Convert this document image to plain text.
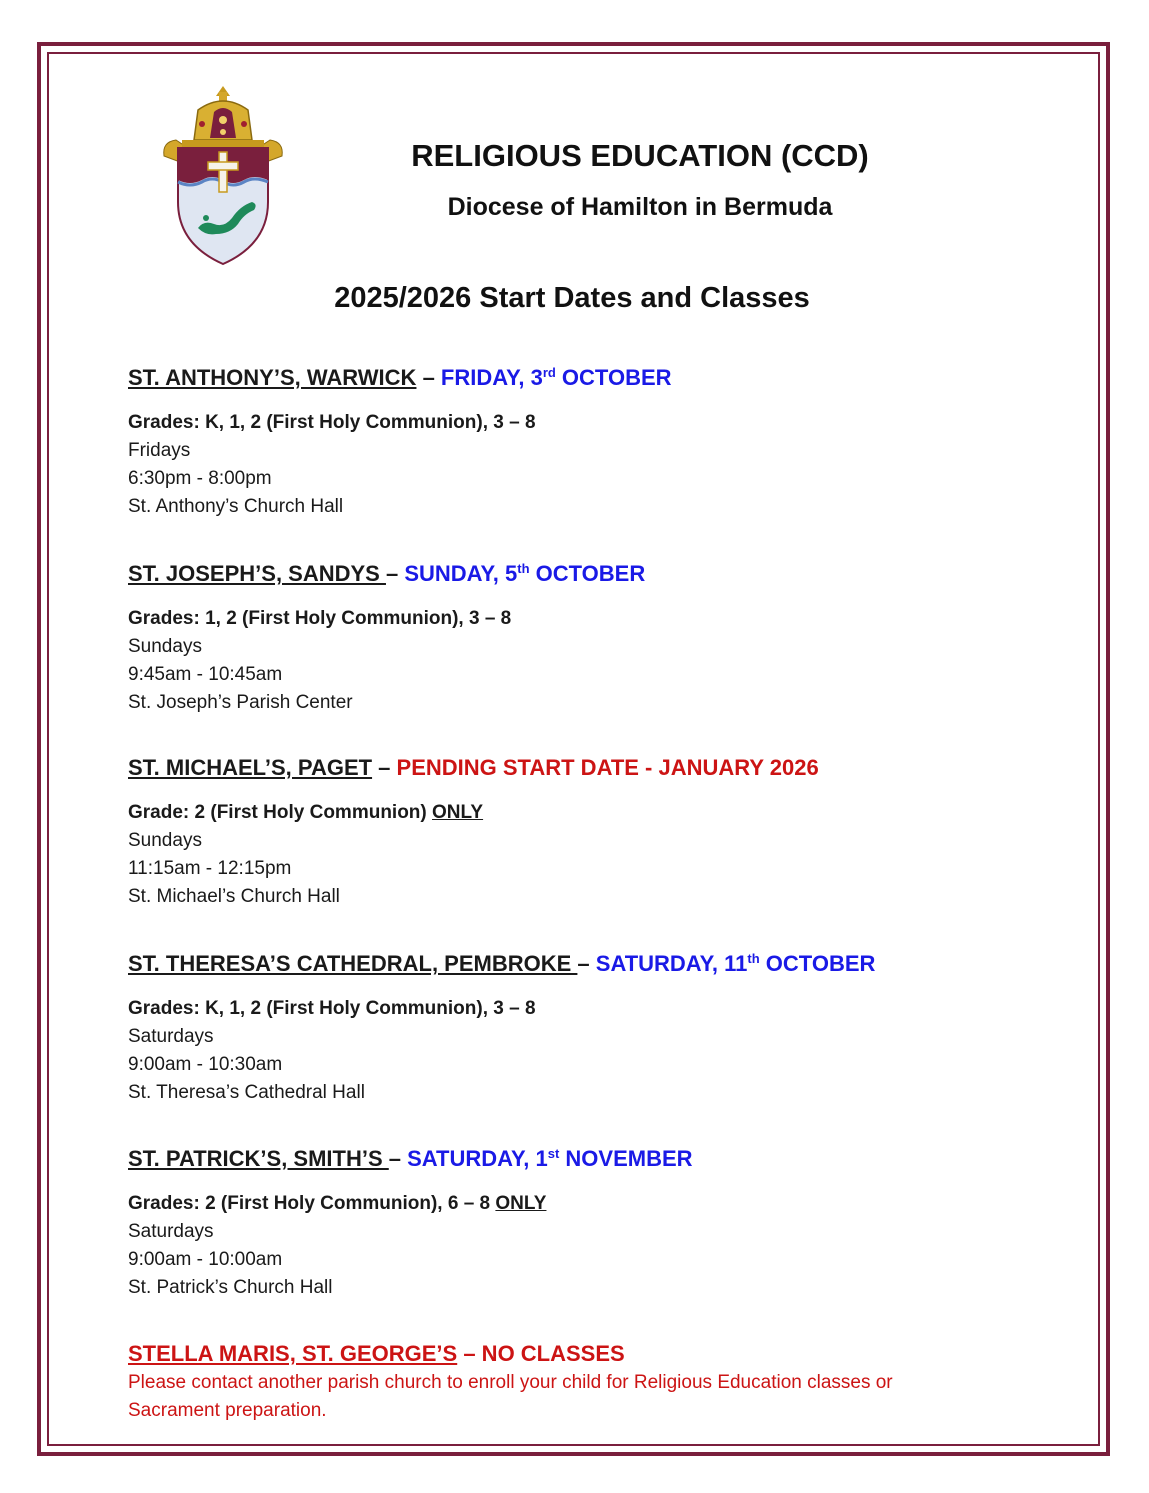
RELIGIOUS EDUCATION (CCD)
Diocese of Hamilton in Bermuda
2025/2026 Start Dates and Classes
ST. ANTHONY’S, WARWICK – FRIDAY, 3rd OCTOBER
Grades: K, 1, 2 (First Holy Communion), 3 – 8
Fridays
6:30pm - 8:00pm
St. Anthony’s Church Hall
ST. JOSEPH’S, SANDYS – SUNDAY, 5th OCTOBER
Grades: 1, 2 (First Holy Communion), 3 – 8
Sundays
9:45am - 10:45am
St. Joseph’s Parish Center
ST. MICHAEL’S, PAGET – PENDING START DATE - JANUARY 2026
Grade: 2 (First Holy Communion) ONLY
Sundays
11:15am - 12:15pm
St. Michael’s Church Hall
ST. THERESA’S CATHEDRAL, PEMBROKE – SATURDAY, 11th OCTOBER
Grades: K, 1, 2 (First Holy Communion), 3 – 8
Saturdays
9:00am - 10:30am
St. Theresa’s Cathedral Hall
ST. PATRICK’S, SMITH’S – SATURDAY, 1st NOVEMBER
Grades: 2 (First Holy Communion), 6 – 8 ONLY
Saturdays
9:00am - 10:00am
St. Patrick’s Church Hall
STELLA MARIS, ST. GEORGE’S – NO CLASSES
Please contact another parish church to enroll your child for Religious Education classes or
Sacrament preparation.
